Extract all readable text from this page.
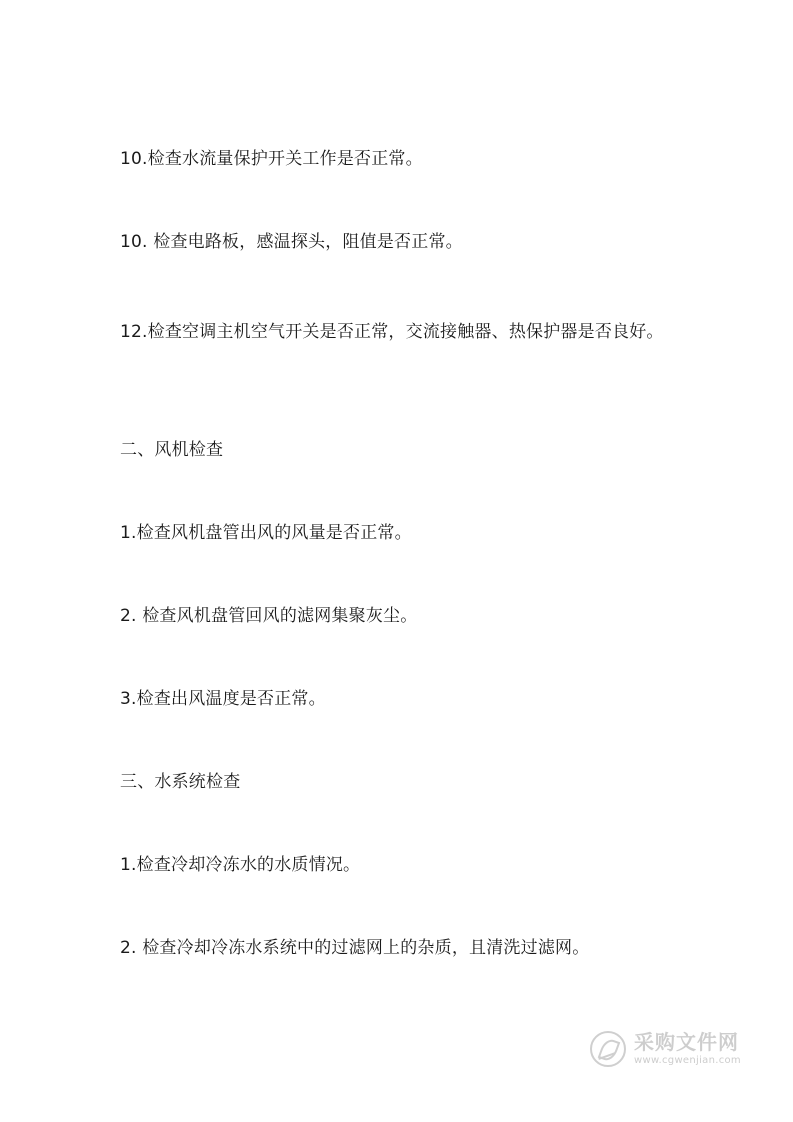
10.检查水流量保护开关工作是否正常。
10. 检查电路板，感温探头，阻值是否正常。
12.检查空调主机空气开关是否正常，交流接触器、热保护器是否良好。
二、风机检查
1.检查风机盘管出风的风量是否正常。
2. 检查风机盘管回风的滤网集聚灰尘。
3.检查出风温度是否正常。
三、水系统检查
1.检查冷却冷冻水的水质情况。
2. 检查冷却冷冻水系统中的过滤网上的杂质，且清洗过滤网。
采购文件网
www.cgwenjian.com
